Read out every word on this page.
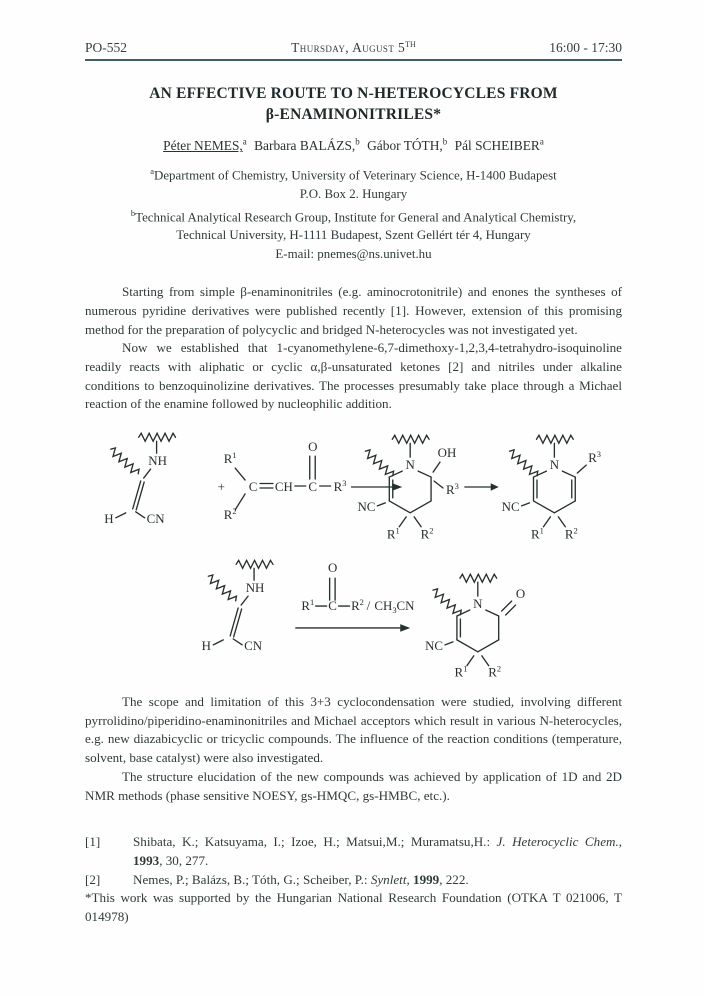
PO-552	Thursday, August 5TH	16:00 - 17:30
AN EFFECTIVE ROUTE TO N-HETEROCYCLES FROM
β-ENAMINONITRILES*
Péter NEMES,$^a$ Barbara BALÁZS,$^b$ Gábor TÓTH,$^b$ Pál SCHEIBER$^a$
$^a$Department of Chemistry, University of Veterinary Science, H-1400 Budapest
P.O. Box 2. Hungary
$^b$Technical Analytical Research Group, Institute for General and Analytical Chemistry,
Technical University, H-1111 Budapest, Szent Gellért tér 4, Hungary
E-mail: pnemes@ns.univet.hu

Starting from simple β-enaminonitriles (e.g. aminocrotonitrile) and enones the syntheses of numerous pyridine derivatives were published recently [1]. However, extension of this promising method for the preparation of polycyclic and bridged N-heterocycles was not investigated yet.

Now we established that 1-cyanomethylene-6,7-dimethoxy-1,2,3,4-tetrahydro-isoquinoline readily reacts with aliphatic or cyclic α,β-unsaturated ketones [2] and nitriles under alkaline conditions to benzoquinolizine derivatives. The processes presumably take place through a Michael reaction of the enamine followed by nucleophilic addition.

NH
H	CN
+
$R^1$
$R^2$
C CH C
O
$R^3$
N
OH
$R^3$
NC
$R^1$ $R^2$
N $R^3$
NC
$R^1$ $R^2$
NH
H	CN
$R^1$ C
O
$R^2 / CH_3CN$	N
O
NC
$R^1$ $R^2$

The scope and limitation of this 3+3 cyclocondensation were studied, involving different pyrrolidino/piperidino-enaminonitriles and Michael acceptors which result in various N-heterocycles, e.g. new diazabicyclic or tricyclic compounds. The influence of the reaction conditions (temperature, solvent, base catalyst) were also investigated.

The structure elucidation of the new compounds was achieved by application of 1D and 2D NMR methods (phase sensitive NOESY, gs-HMQC, gs-HMBC, etc.).

[1] Shibata, K.; Katsuyama, I.; Izoe, H.; Matsui,M.; Muramatsu,H.: J. Heterocyclic Chem., 1993, 30, 277.
[2] Nemes, P.; Balázs, B.; Tóth, G.; Scheiber, P.: Synlett, 1999, 222.
*This work was supported by the Hungarian National Research Foundation (OTKA T 021006, T 014978)
